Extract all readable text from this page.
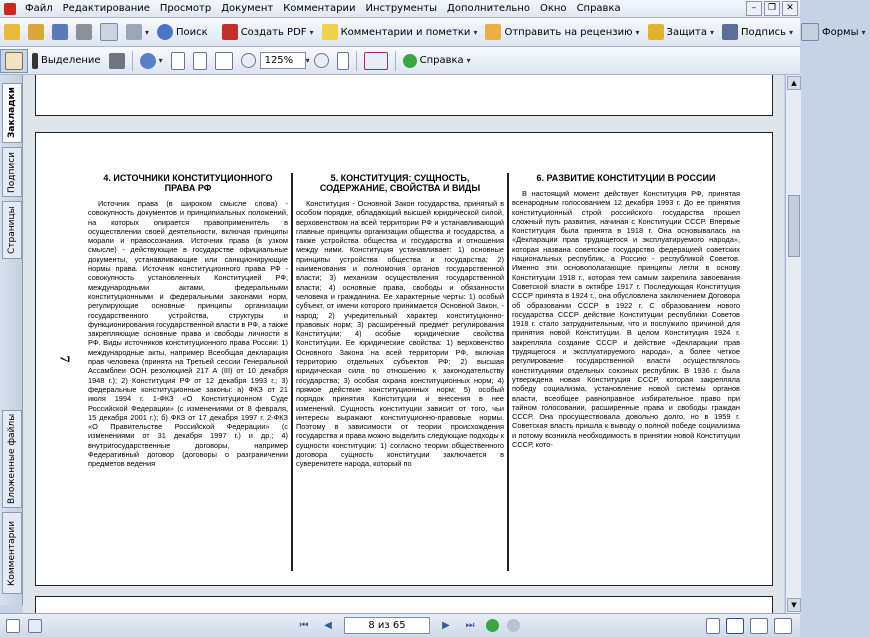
Файл	Редактирование	Просмотр	Документ	Комментарии	Инструменты	Дополнительно	Окно	Справка	–	❐	✕
▾	Поиск	Создать PDF ▾	Комментарии и пометки ▾	Отправить на рецензию ▾	Защита ▾	Подпись ▾	Формы ▾
Выделение	▾	125%	▾	Справка ▾
Закладки
Подписи
Страницы
Вложенные файлы
Комментарии
7
4. ИСТОЧНИКИ КОНСТИТУЦИОННОГО ПРАВА РФ

Источник права (в широком смысле слова) - совокупность документов и принципиальных положений, на которых опирается правоприменитель в осуществлении своей деятельности, включая принципы морали и правосознания. Источник права (в узком смысле) - действующие в государстве официальные документы, устанавливающие или санкционирующие нормы права. Источник конституционного права РФ - совокупность установленных Конституцией РФ, международными актами, федеральными конституционными и федеральными законами норм, регулирующие основные принципы организации государственного устройства, структуры и функционирования государственной власти в РФ, а также закрепляющие основные права и свободы личности в РФ. Виды источников конституционного права России: 1) международные акты, например Всеобщая декларация прав человека (принята на Третьей сессии Генеральной Ассамблеи ООН резолюцией 217 А (III) от 10 декабря 1948 г.); 2) Конституция РФ от 12 декабря 1993 г.; 3) федеральные конституционные законы: а) ФКЗ от 21 июля 1994 г. 1-ФКЗ «О Конституционном Суде Российской Федерации» (с изменениями от 8 февраля, 15 декабря 2001 г.); б) ФКЗ от 17 декабря 1997 г. 2-ФКЗ «О Правительстве Российской Федерации» (с изменениями от 31 декабря 1997 г.) и др.; 4) внутригосударственные договоры, например Федеративный договор (договоры о разграничении предметов ведения

5. КОНСТИТУЦИЯ: СУЩНОСТЬ, СОДЕРЖАНИЕ, СВОЙСТВА И ВИДЫ

Конституция - Основной Закон государства, принятый в особом порядке, обладающий высшей юридической силой, верховенством на всей территории РФ и устанавливающий главные принципы организации общества и государства, а также устройства общества и государства и отношения между ними. Конституция устанавливает: 1) основные принципы устройства общества и государства; 2) наименования и полномочия органов государственной власти; 3) механизм осуществления государственной власти; 4) основные права, свободы и обязанности человека и гражданина. Ее характерные черты: 1) особый субъект, от имени которого принимается Основной Закон, - народ; 2) учредительный характер конституционно-правовых норм; 3) расширенный предмет регулирования Конституции; 4) особые юридические свойства Конституции. Ее юридические свойства: 1) верховенство Основного Закона на всей территории РФ, включая территорию отдельных субъектов РФ; 2) высшая юридическая сила по отношению к законодательству государства; 3) особая охрана конституционных норм; 4) прямое действие конституционных норм; 5) особый порядок принятия Конституции и внесения в нее изменений. Сущность конституции зависит от того, чьи интересы выражают конституционно-правовые нормы. Поэтому в зависимости от теории происхождения государства и права можно выделить следующие подходы к сущности конституции: 1) согласно теории общественного договора сущность конституции заключается в суверенитете народа, который по

6. РАЗВИТИЕ КОНСТИТУЦИИ В РОССИИ

В настоящий момент действует Конституция РФ, принятая всенародным голосованием 12 декабря 1993 г. До ее принятия конституционный строй российского государства прошел сложный путь развития, начиная с Конституции СССР. Впервые Конституция была принята в 1918 г. Она основывалась на «Декларации прав трудящегося и эксплуатируемого народа», которая названа советское государство федерацией советских национальных республик, а Россию - республикой Советов. Именно эти основополагающие принципы легли в основу Конституции 1918 г., которая тем самым закрепила завоевания Советской власти в октябре 1917 г. Последующая Конституция СССР принята в 1924 г., она обусловлена заключением Договора об образовании СССР в 1922 г. С образованием нового государства СССР действие Конституции республики Советов 1918 г. стало затруднительным, что и послужило причиной для принятия новой Конституции. В целом Конституция 1924 г. закрепляла создание СССР и действие «Декларации прав трудящегося и эксплуатируемого народа», а более четкое регулирование государственной власти осуществлялось конституциями отдельных союзных республик. В 1936 г. была утверждена новая Конституция СССР, которая закрепляла победу социализма, установление новой системы органов власти, всеобщее равноправное избирательное право при тайном голосовании, расширенные права и свободы граждан СССР. Она просуществовала довольно долго, но в 1959 г. Советская власть пришла к выводу о полной победе социализма и потому возникла необходимость в принятии новой Конституции СССР, кото-

▲
▼
⏮	◀	8 из 65	▶	⏭
